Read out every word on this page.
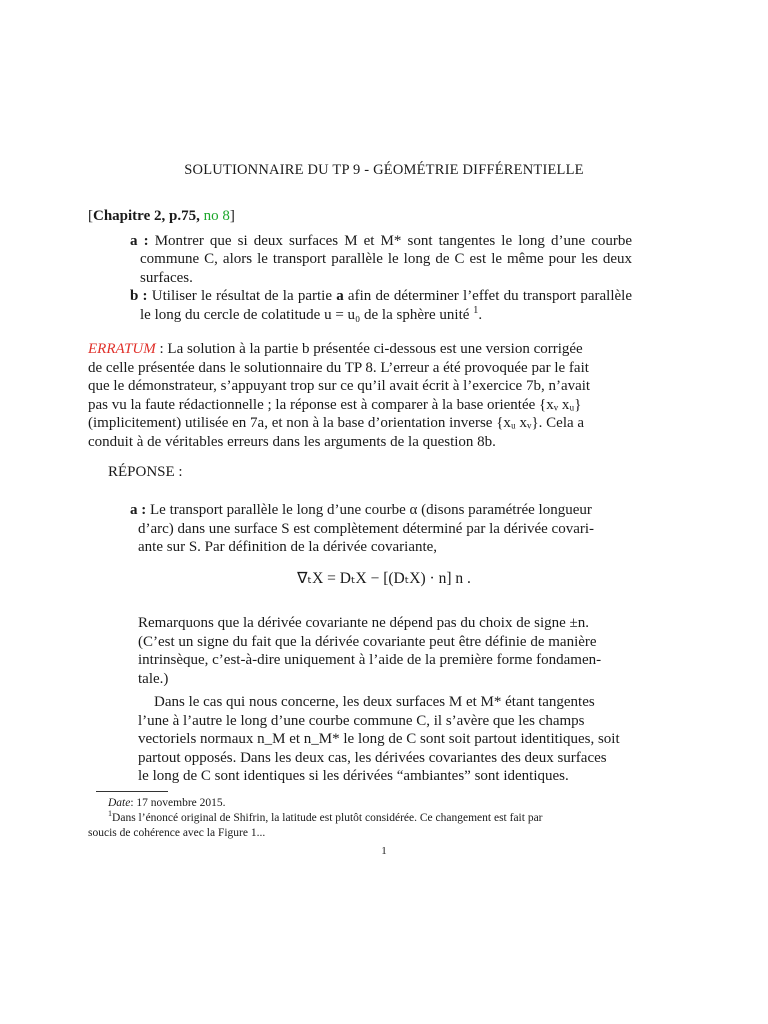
SOLUTIONNAIRE DU TP 9 - GÉOMÉTRIE DIFFÉRENTIELLE
[Chapitre 2, p.75, no 8]
a : Montrer que si deux surfaces M et M* sont tangentes le long d’une courbe commune C, alors le transport parallèle le long de C est le même pour les deux surfaces.
b : Utiliser le résultat de la partie a afin de déterminer l’effet du transport parallèle le long du cercle de colatitude u = u₀ de la sphère unité $^1$.
ERRATUM : La solution à la partie b présentée ci-dessous est une version corrigée
de celle présentée dans le solutionnaire du TP 8. L’erreur a été provoquée par le fait
que le démonstrateur, s’appuyant trop sur ce qu’il avait écrit à l’exercice 7b, n’avait
pas vu la faute rédactionnelle ; la réponse est à comparer à la base orientée {xᵥ xᵤ}
(implicitement) utilisée en 7a, et non à la base d’orientation inverse {xᵤ xᵥ}. Cela a
conduit à de véritables erreurs dans les arguments de la question 8b.
RÉPONSE :
a : Le transport parallèle le long d’une courbe α (disons paramétrée longueur
d’arc) dans une surface S est complètement déterminé par la dérivée covari-
ante sur S. Par définition de la dérivée covariante,
∇ₜX = DₜX − [(DₜX) · n] n .
Remarquons que la dérivée covariante ne dépend pas du choix de signe ±n.
(C’est un signe du fait que la dérivée covariante peut être définie de manière
intrinsèque, c’est-à-dire uniquement à l’aide de la première forme fondamen-
tale.)
Dans le cas qui nous concerne, les deux surfaces M et M* étant tangentes
l’une à l’autre le long d’une courbe commune C, il s’avère que les champs
vectoriels normaux n_M et n_M* le long de C sont soit partout identitiques, soit
partout opposés. Dans les deux cas, les dérivées covariantes des deux surfaces
le long de C sont identiques si les dérivées “ambiantes” sont identiques.
Date: 17 novembre 2015.
$^1$Dans l’énoncé original de Shifrin, la latitude est plutôt considérée. Ce changement est fait par
soucis de cohérence avec la Figure 1...
1
